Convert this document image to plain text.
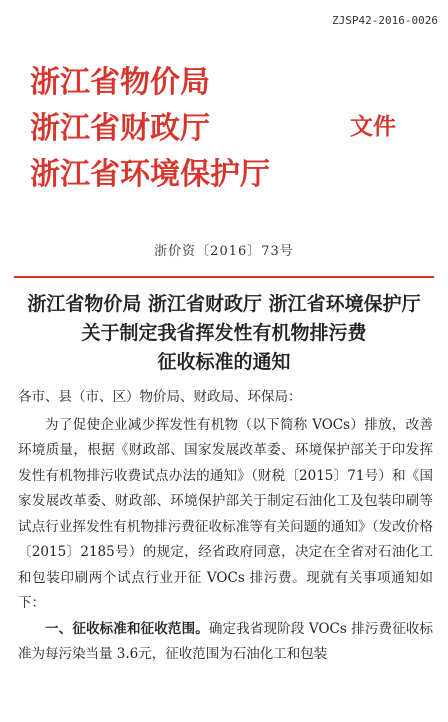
ZJSP42-2016-0026
浙江省物价局
浙江省财政厅
浙江省环境保护厅
文件
浙价资〔2016〕73号
浙江省物价局 浙江省财政厅 浙江省环境保护厅
关于制定我省挥发性有机物排污费
征收标准的通知

各市、县（市、区）物价局、财政局、环保局：

为了促使企业减少挥发性有机物（以下简称 VOCs）排放，改善环境质量，根据《财政部、国家发展改革委、环境保护部关于印发挥发性有机物排污收费试点办法的通知》（财税〔2015〕71号）和《国家发展改革委、财政部、环境保护部关于制定石油化工及包装印刷等试点行业挥发性有机物排污费征收标准等有关问题的通知》（发改价格〔2015〕2185号）的规定，经省政府同意，决定在全省对石油化工和包装印刷两个试点行业开征 VOCs 排污费。现就有关事项通知如下：

一、征收标准和征收范围。确定我省现阶段 VOCs 排污费征收标准为每污染当量 3.6元，征收范围为石油化工和包装
